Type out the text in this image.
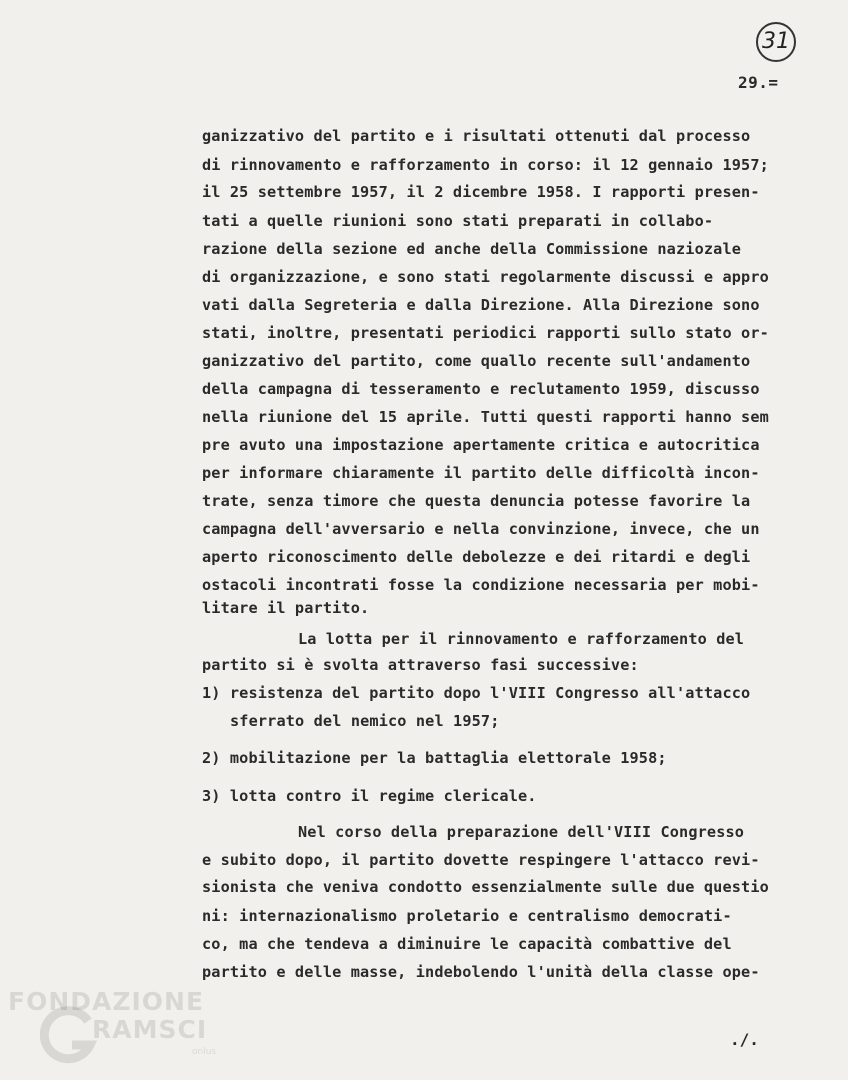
31
29.=
ganizzativo del partito e i risultati ottenuti dal processo
di rinnovamento e rafforzamento in corso: il 12 gennaio 1957;
il 25 settembre 1957, il 2 dicembre 1958. I rapporti presen-
tati a quelle riunioni sono stati preparati in collabo-
razione della sezione ed anche della Commissione naziozale
di organizzazione, e sono stati regolarmente discussi e appro
vati dalla Segreteria e dalla Direzione. Alla Direzione sono
stati, inoltre, presentati periodici rapporti sullo stato or-
ganizzativo del partito, come quallo recente sull'andamento
della campagna di tesseramento e reclutamento 1959, discusso
nella riunione del 15 aprile. Tutti questi rapporti hanno sem
pre avuto una impostazione apertamente critica e autocritica
per informare chiaramente il partito delle difficoltà incon-
trate, senza timore che questa denuncia potesse favorire la
campagna dell'avversario e nella convinzione, invece, che un
aperto riconoscimento delle debolezze e dei ritardi e degli
ostacoli incontrati fosse la condizione necessaria per mobi-
litare il partito.
La lotta per il rinnovamento e rafforzamento del
partito si è svolta attraverso fasi successive:
1) resistenza del partito dopo l'VIII Congresso all'attacco
sferrato del nemico nel 1957;
2) mobilitazione per la battaglia elettorale 1958;
3) lotta contro il regime clericale.
Nel corso della preparazione dell'VIII Congresso
e subito dopo, il partito dovette respingere l'attacco revi-
sionista che veniva condotto essenzialmente sulle due questio
ni: internazionalismo proletario e centralismo democrati-
co, ma che tendeva a diminuire le capacità combattive del
partito e delle masse, indebolendo l'unità della classe ope-
./.
FONDAZIONE
RAMSCI
onlus
